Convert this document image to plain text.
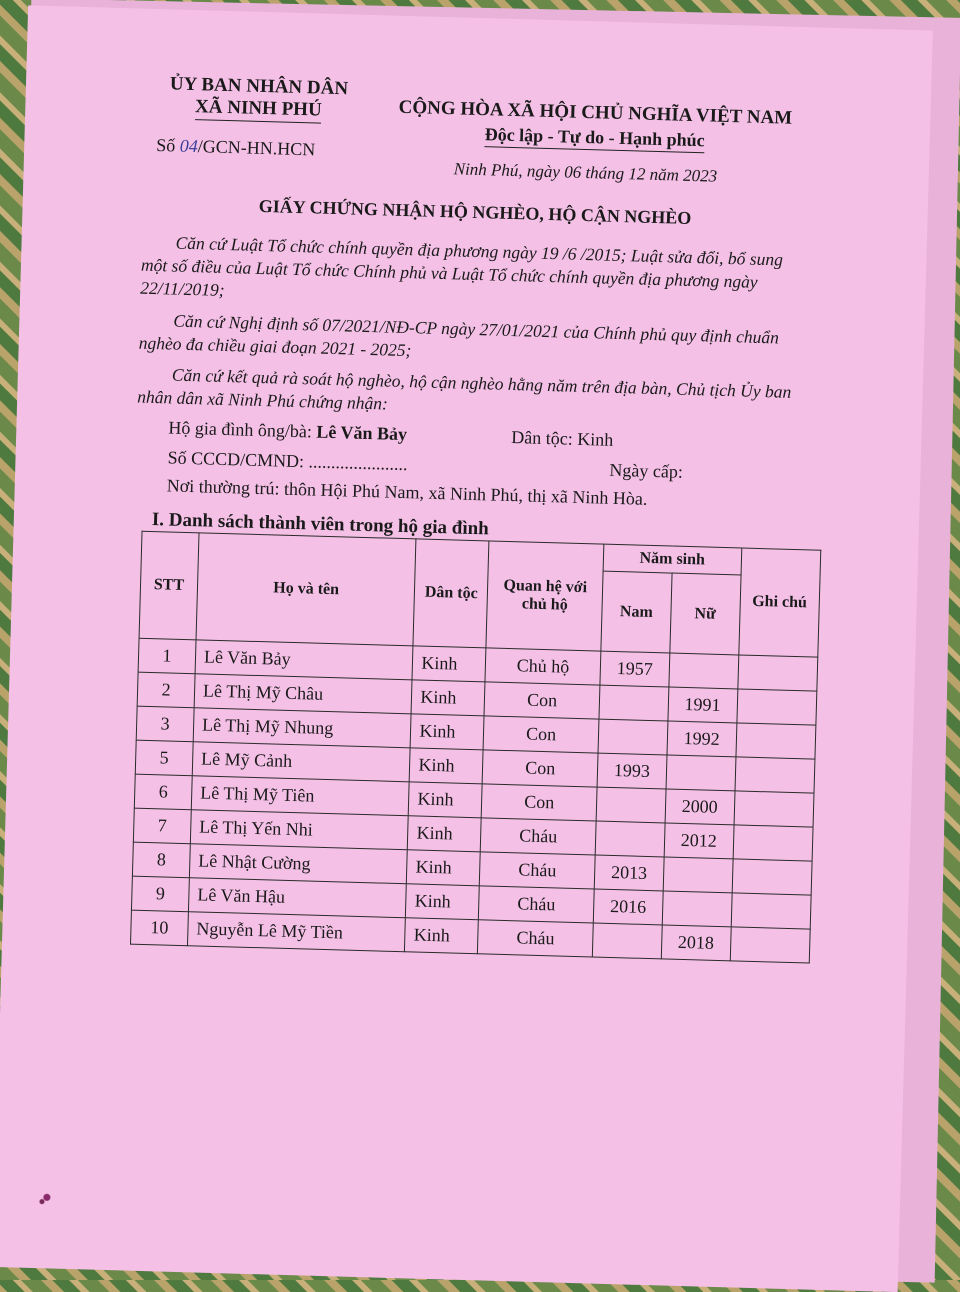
ỦY BAN NHÂN DÂN
XÃ NINH PHÚ	CỘNG HÒA XÃ HỘI CHỦ NGHĨA VIỆT NAM
Độc lập - Tự do - Hạnh phúc
Số 04/GCN-HN.HCN
Ninh Phú, ngày 06 tháng 12 năm 2023
GIẤY CHỨNG NHẬN HỘ NGHÈO, HỘ CẬN NGHÈO
Căn cứ Luật Tổ chức chính quyền địa phương ngày 19 /6 /2015; Luật sửa đổi, bổ sung một số điều của Luật Tổ chức Chính phủ và Luật Tổ chức chính quyền địa phương ngày 22/11/2019;
Căn cứ Nghị định số 07/2021/NĐ-CP ngày 27/01/2021 của Chính phủ quy định chuẩn nghèo đa chiều giai đoạn 2021 - 2025;
Căn cứ kết quả rà soát hộ nghèo, hộ cận nghèo hằng năm trên địa bàn, Chủ tịch Ủy ban nhân dân xã Ninh Phú chứng nhận:
Hộ gia đình ông/bà: Lê Văn Bảy	Dân tộc: Kinh
Số CCCD/CMND: ......................	Ngày cấp:
Nơi thường trú: thôn Hội Phú Nam, xã Ninh Phú, thị xã Ninh Hòa.
I. Danh sách thành viên trong hộ gia đình
STT	Họ và tên	Dân tộc	Quan hệ với chủ hộ	Năm sinh		Ghi chú
				Nam	Nữ	
1	Lê Văn Bảy	Kinh	Chủ hộ	1957		
2	Lê Thị Mỹ Châu	Kinh	Con		1991	
3	Lê Thị Mỹ Nhung	Kinh	Con		1992	
5	Lê Mỹ Cảnh	Kinh	Con	1993		
6	Lê Thị Mỹ Tiên	Kinh	Con		2000	
7	Lê Thị Yến Nhi	Kinh	Cháu		2012	
8	Lê Nhật Cường	Kinh	Cháu	2013		
9	Lê Văn Hậu	Kinh	Cháu	2016		
10	Nguyễn Lê Mỹ Tiền	Kinh	Cháu		2018	
